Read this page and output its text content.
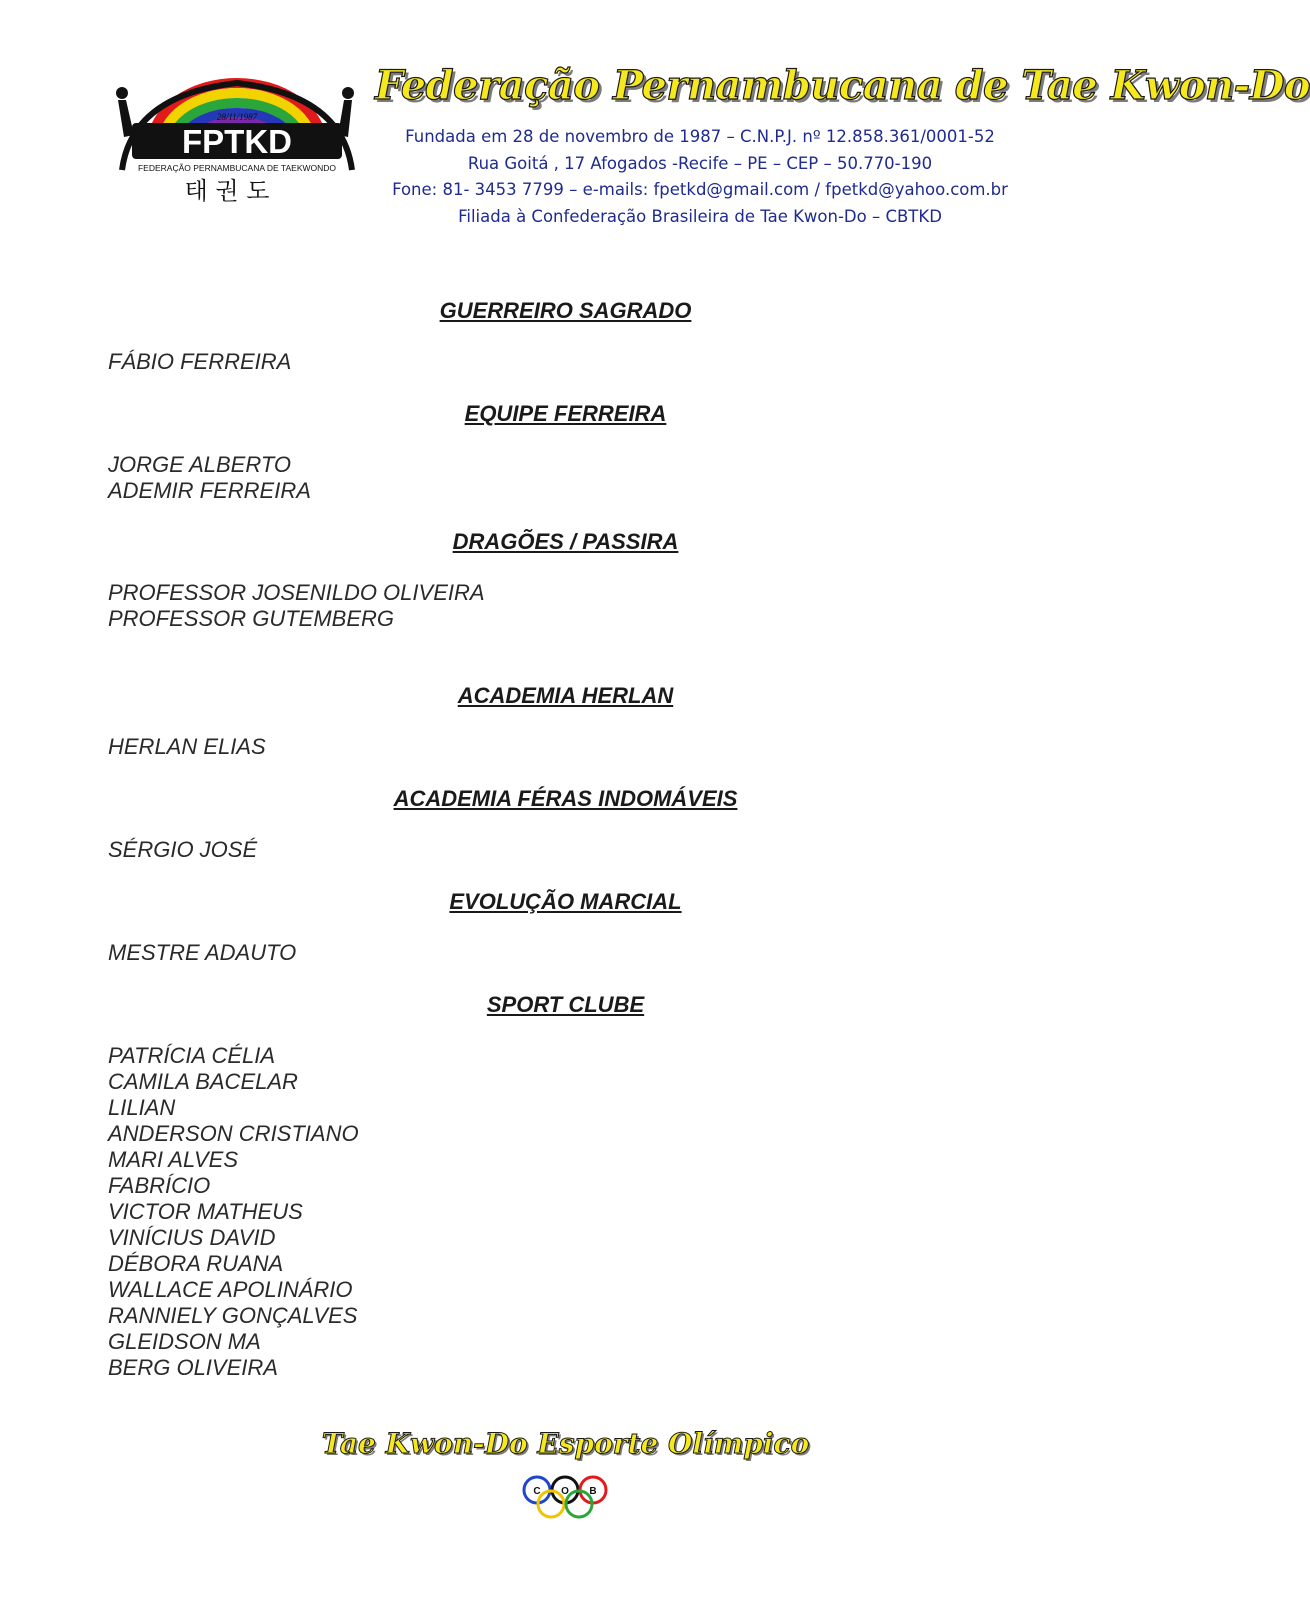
FPTKD
28/11/1987
FEDERAÇÃO PERNAMBUCANA DE TAEKWONDO
태 권 도
Federação Pernambucana de Tae Kwon-Do
Fundada em 28 de novembro de 1987 – C.N.P.J. nº 12.858.361/0001-52
Rua Goitá , 17 Afogados -Recife – PE – CEP – 50.770-190
Fone: 81- 3453 7799 – e-mails: fpetkd@gmail.com / fpetkd@yahoo.com.br
Filiada à Confederação Brasileira de Tae Kwon-Do – CBTKD
GUERREIRO SAGRADO
FÁBIO FERREIRA
EQUIPE FERREIRA
JORGE ALBERTO
ADEMIR FERREIRA
DRAGÕES / PASSIRA
PROFESSOR JOSENILDO OLIVEIRA
PROFESSOR GUTEMBERG
ACADEMIA HERLAN
HERLAN ELIAS
ACADEMIA FÉRAS INDOMÁVEIS
SÉRGIO JOSÉ
EVOLUÇÃO MARCIAL
MESTRE ADAUTO
SPORT CLUBE
PATRÍCIA CÉLIA
CAMILA BACELAR
LILIAN
ANDERSON CRISTIANO
MARI ALVES
FABRÍCIO
VICTOR MATHEUS
VINÍCIUS DAVID
DÉBORA RUANA
WALLACE APOLINÁRIO
RANNIELY GONÇALVES
GLEIDSON MA
BERG OLIVEIRA
Tae Kwon-Do Esporte Olímpico
C O B
